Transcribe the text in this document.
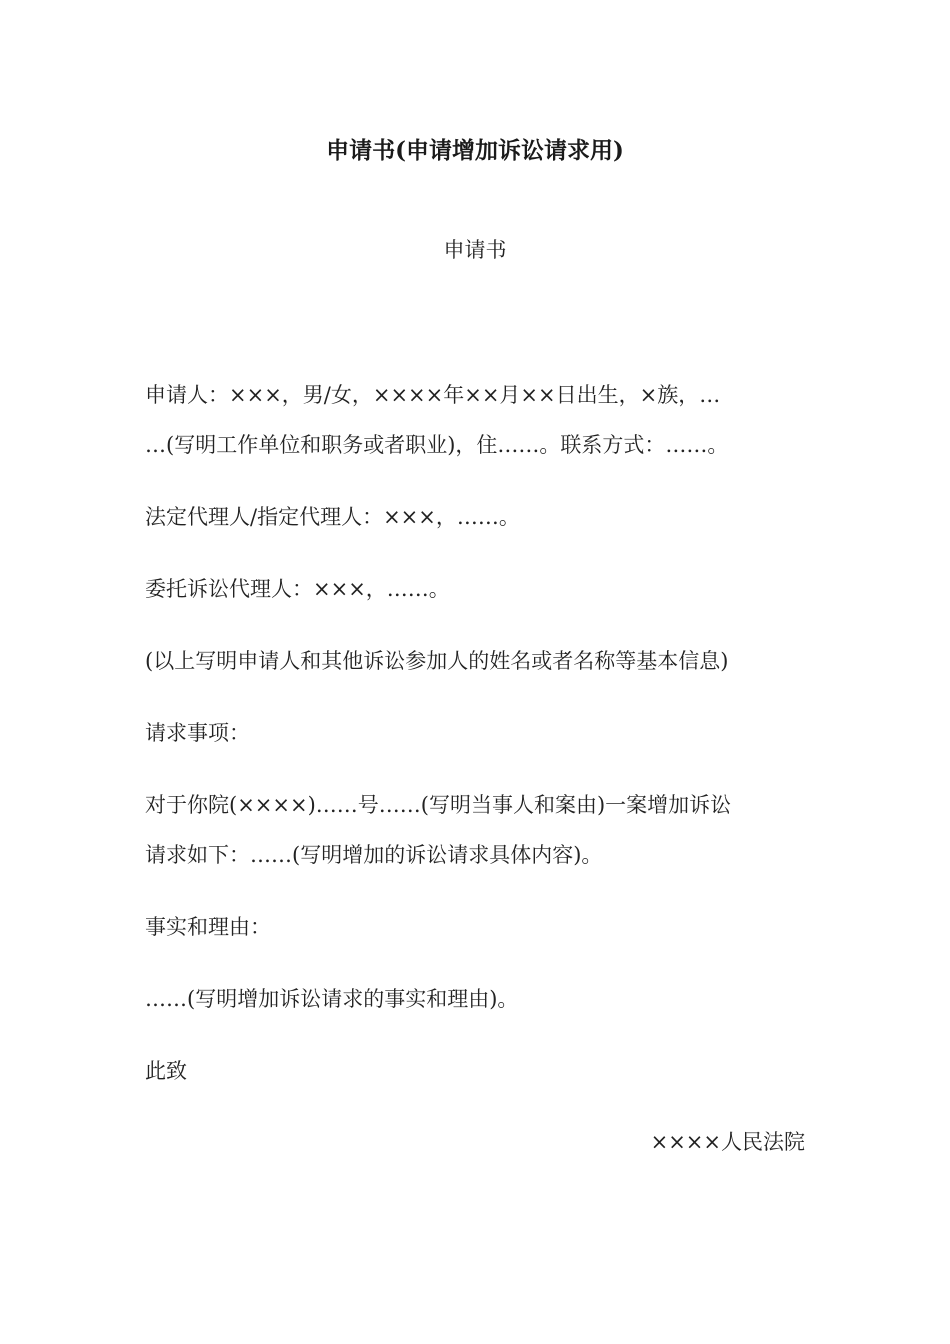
申请书(申请增加诉讼请求用)
申请书
申请人：×××，男/女，××××年××月××日出生，×族，…
…(写明工作单位和职务或者职业)，住……。联系方式：……。
法定代理人/指定代理人：×××，……。
委托诉讼代理人：×××，……。
(以上写明申请人和其他诉讼参加人的姓名或者名称等基本信息)
请求事项：
对于你院(××××)……号……(写明当事人和案由)一案增加诉讼
请求如下：……(写明增加的诉讼请求具体内容)。
事实和理由：
……(写明增加诉讼请求的事实和理由)。
此致
××××人民法院
